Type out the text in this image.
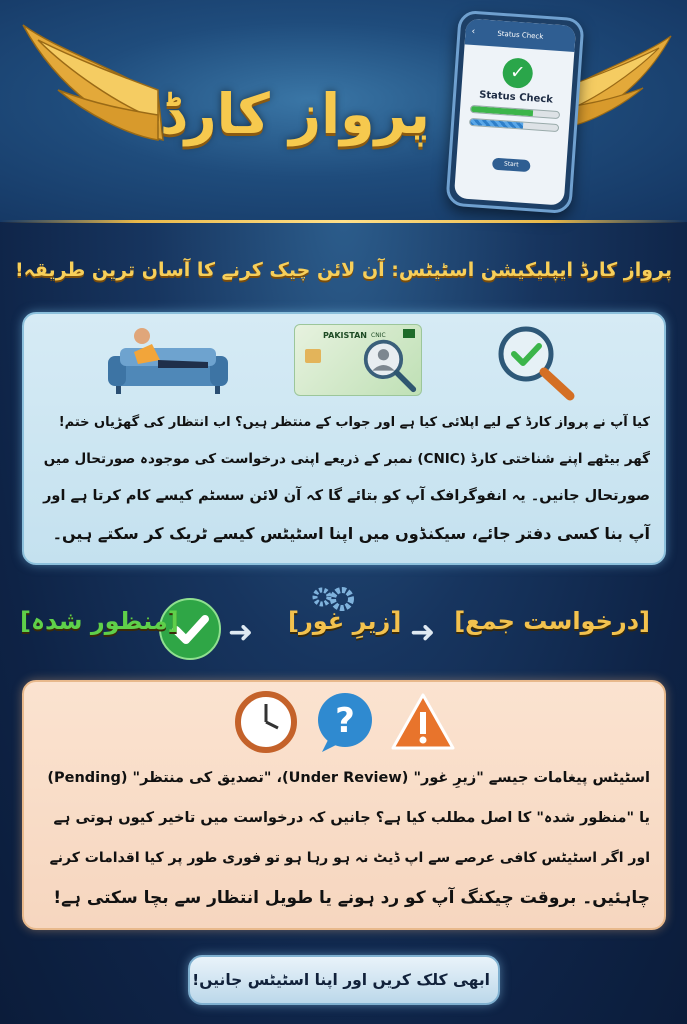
پرواز کارڈ
‹	Status Check
✓
Status Check
Start
پرواز کارڈ ایپلیکیشن اسٹیٹس: آن لائن چیک کرنے کا آسان ترین طریقہ!
PAKISTAN CNIC
کیا آپ نے پرواز کارڈ کے لیے اپلائی کیا ہے اور جواب کے منتظر ہیں؟ اب انتظار کی گھڑیاں ختم!
گھر بیٹھے اپنے شناختی کارڈ (CNIC) نمبر کے ذریعے اپنی درخواست کی موجودہ صورتحال میں
صورتحال جانیں۔ یہ انفوگرافک آپ کو بتائے گا کہ آن لائن سسٹم کیسے کام کرتا ہے اور
آپ بنا کسی دفتر جائے، سیکنڈوں میں اپنا اسٹیٹس کیسے ٹریک کر سکتے ہیں۔
[درخواست جمع]
➜
[زیرِ غور]
➜
[منظور شدہ]
?
اسٹیٹس پیغامات جیسے "زیرِ غور" (Under Review)، "تصدیق کی منتظر" (Pending)
یا "منظور شدہ" کا اصل مطلب کیا ہے؟ جانیں کہ درخواست میں تاخیر کیوں ہوتی ہے
اور اگر اسٹیٹس کافی عرصے سے اپ ڈیٹ نہ ہو رہا ہو تو فوری طور پر کیا اقدامات کرنے
چاہئیں۔ بروقت چیکنگ آپ کو رد ہونے یا طویل انتظار سے بچا سکتی ہے!
ابھی کلک کریں اور اپنا اسٹیٹس جانیں!
